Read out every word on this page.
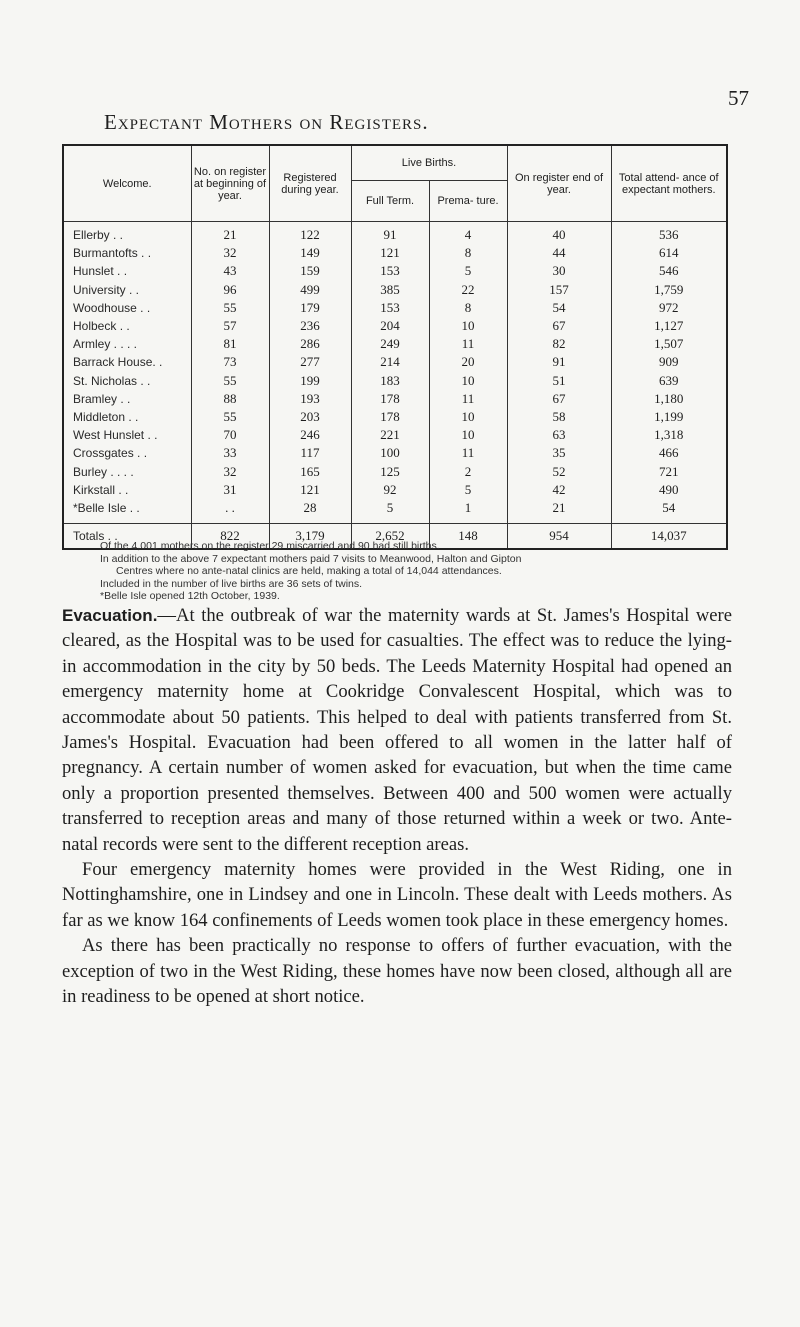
57
Expectant Mothers on Registers.
Welcome.	No. on register at beginning of year.	Registered during year.	Live Births.		On register end of year.	Total attend- ance of expectant mothers.
			Full Term.	Prema- ture.		
Ellerby . .	21	122	91	4	40	536
Burmantofts . .	32	149	121	8	44	614
Hunslet . .	43	159	153	5	30	546
University . .	96	499	385	22	157	1,759
Woodhouse . .	55	179	153	8	54	972
Holbeck . .	57	236	204	10	67	1,127
Armley . . . .	81	286	249	11	82	1,507
Barrack House. .	73	277	214	20	91	909
St. Nicholas . .	55	199	183	10	51	639
Bramley . .	88	193	178	11	67	1,180
Middleton . .	55	203	178	10	58	1,199
West Hunslet . .	70	246	221	10	63	1,318
Crossgates . .	33	117	100	11	35	466
Burley . . . .	32	165	125	2	52	721
Kirkstall . .	31	121	92	5	42	490
*Belle Isle . .	. .	28	5	1	21	54
Totals . .	822	3,179	2,652	148	954	14,037

Of the 4,001 mothers on the register 29 miscarried and 90 had still births.

In addition to the above 7 expectant mothers paid 7 visits to Meanwood, Halton and Gipton

Centres where no ante-natal clinics are held, making a total of 14,044 attendances.

Included in the number of live births are 36 sets of twins.

*Belle Isle opened 12th October, 1939.

Evacuation.—At the outbreak of war the maternity wards at St. James's Hospital were cleared, as the Hospital was to be used for casualties. The effect was to reduce the lying-in accommodation in the city by 50 beds. The Leeds Maternity Hospital had opened an emergency maternity home at Cookridge Convalescent Hospital, which was to accommodate about 50 patients. This helped to deal with patients transferred from St. James's Hospital. Evacuation had been offered to all women in the latter half of pregnancy. A certain number of women asked for evacuation, but when the time came only a proportion presented themselves. Between 400 and 500 women were actually transferred to reception areas and many of those returned within a week or two. Ante-natal records were sent to the different reception areas.

Four emergency maternity homes were provided in the West Riding, one in Nottinghamshire, one in Lindsey and one in Lincoln. These dealt with Leeds mothers. As far as we know 164 confinements of Leeds women took place in these emergency homes.

As there has been practically no response to offers of further evacuation, with the exception of two in the West Riding, these homes have now been closed, although all are in readiness to be opened at short notice.
